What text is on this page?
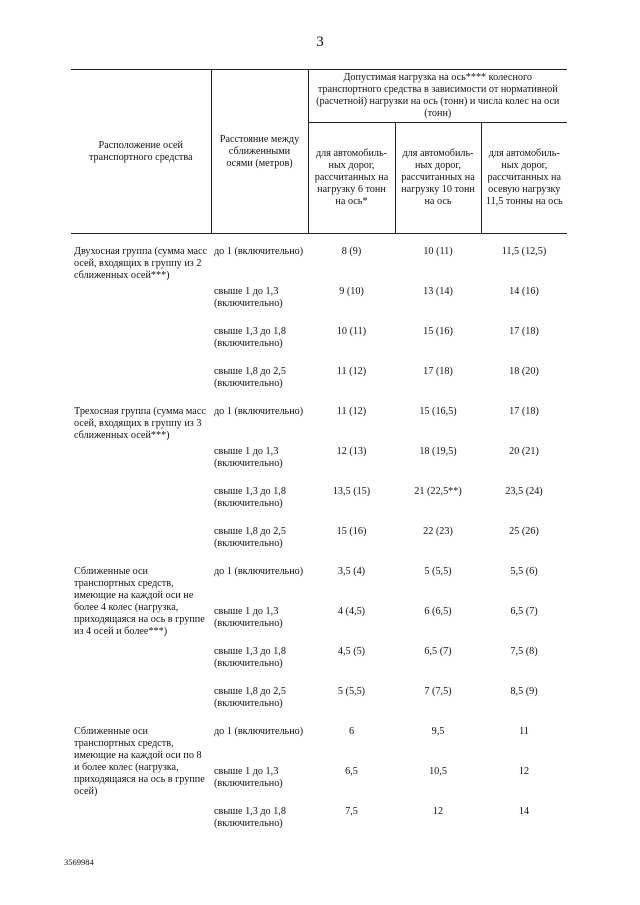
3
Расположение осей транспортного средства	Расстояние между сближенными осями (метров)	Допустимая нагрузка на ось**** колесного транспортного средства в зависимости от нормативной (расчетной) нагрузки на ось (тонн) и числа колес на оси (тонн)		
		для автомобиль-ных дорог, рассчитанных на нагрузку 6 тонн на ось*	для автомобиль-ных дорог, рассчитанных на нагрузку 10 тонн на ось	для автомобиль-ных дорог, рассчитанных на осевую нагрузку 11,5 тонны на ось
Двухосная группа (сумма масс осей, входящих в группу из 2 сближенных осей***)	до 1 (включительно)	8 (9)	10 (11)	11,5 (12,5)
	свыше 1 до 1,3 (включительно)	9 (10)	13 (14)	14 (16)
	свыше 1,3 до 1,8 (включительно)	10 (11)	15 (16)	17 (18)
	свыше 1,8 до 2,5 (включительно)	11 (12)	17 (18)	18 (20)
Трехосная группа (сумма масс осей, входящих в группу из 3 сближенных осей***)	до 1 (включительно)	11 (12)	15 (16,5)	17 (18)
	свыше 1 до 1,3 (включительно)	12 (13)	18 (19,5)	20 (21)
	свыше 1,3 до 1,8 (включительно)	13,5 (15)	21 (22,5**)	23,5 (24)
	свыше 1,8 до 2,5 (включительно)	15 (16)	22 (23)	25 (26)
Сближенные оси транспортных средств, имеющие на каждой оси не более 4 колес (нагрузка, приходящаяся на ось в группе из 4 осей и более***)	до 1 (включительно)	3,5 (4)	5 (5,5)	5,5 (6)
	свыше 1 до 1,3 (включительно)	4 (4,5)	6 (6,5)	6,5 (7)
	свыше 1,3 до 1,8 (включительно)	4,5 (5)	6,5 (7)	7,5 (8)
	свыше 1,8 до 2,5 (включительно)	5 (5,5)	7 (7,5)	8,5 (9)
Сближенные оси транспортных средств, имеющие на каждой оси по 8 и более колес (нагрузка, приходящаяся на ось в группе осей)	до 1 (включительно)	6	9,5	11
	свыше 1 до 1,3 (включительно)	6,5	10,5	12
	свыше 1,3 до 1,8 (включительно)	7,5	12	14
3569984
